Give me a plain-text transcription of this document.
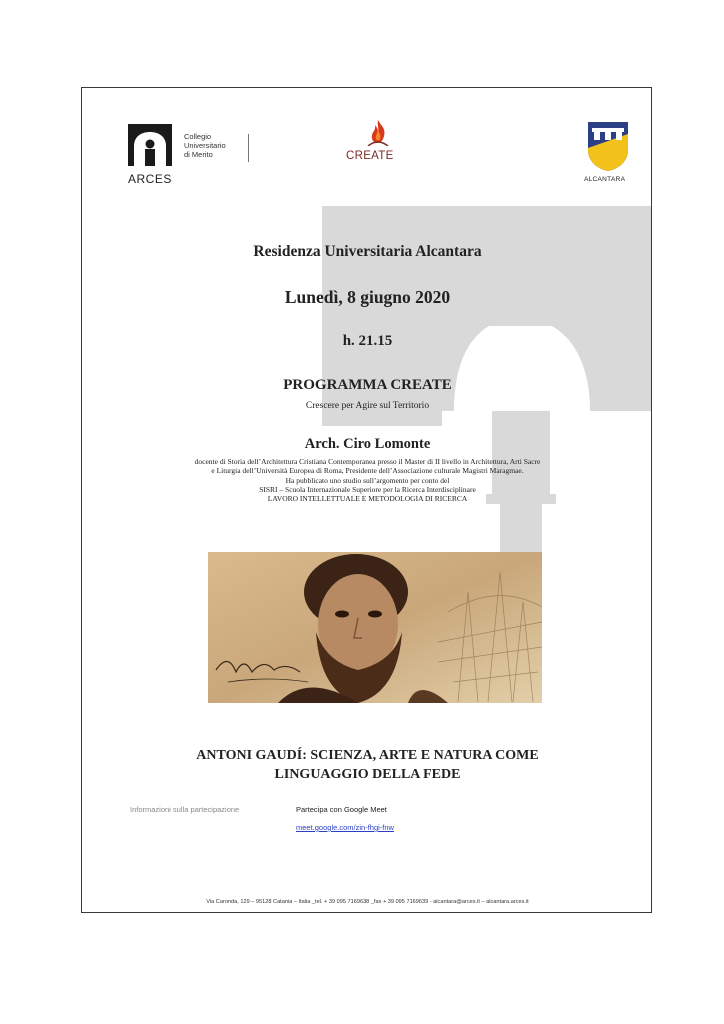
ARCES
Collegio
Universitario
di Merito	CREATE
ALCANTARA
Residenza Universitaria Alcantara
Lunedì, 8 giugno 2020
h. 21.15
PROGRAMMA CREATE
Crescere per Agire sul Territorio
Arch. Ciro Lomonte
docente di Storia dell’Architettura Cristiana Contemporanea presso il Master di II livello in Architettura, Arti Sacre
e Liturgia dell’Università Europea di Roma, Presidente dell’Associazione culturale Magistri Maragmae.
Ha pubblicato uno studio sull’argomento per conto del
SISRI – Scuola Internazionale Superiore per la Ricerca Interdisciplinare
LAVORO INTELLETTUALE E METODOLOGIA DI RICERCA
ANTONI GAUDÍ: SCIENZA, ARTE E NATURA COME
LINGUAGGIO DELLA FEDE
Informazioni sulla partecipazione	Partecipa con Google Meet
meet.google.com/zin-fhgi-fnw
Via Caronda, 129 – 95128 Catania – Italia _tel. + 39 095 7169638 _fax + 39 095 7169639 - alcantara@arces.it – alcantara.arces.it
